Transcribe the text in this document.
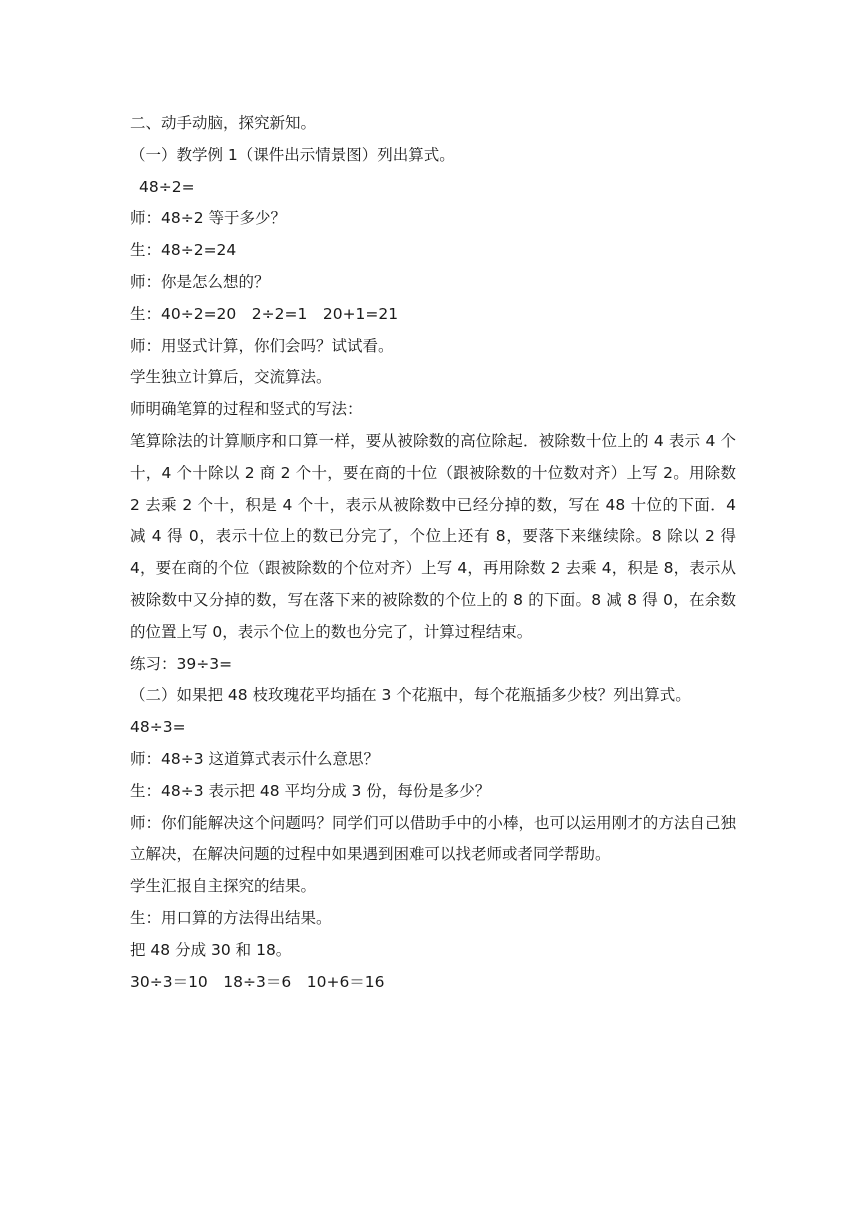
二、动手动脑，探究新知。
（一）教学例 1（课件出示情景图）列出算式。
48÷2=
师：48÷2 等于多少？
生：48÷2=24
师：你是怎么想的？
生：40÷2=20　2÷2=1　20+1=21
师：用竖式计算，你们会吗？试试看。
学生独立计算后，交流算法。
师明确笔算的过程和竖式的写法：
笔算除法的计算顺序和口算一样，要从被除数的高位除起．被除数十位上的 4 表示 4 个十，4 个十除以 2 商 2 个十，要在商的十位（跟被除数的十位数对齐）上写 2。用除数 2 去乘 2 个十，积是 4 个十，表示从被除数中已经分掉的数，写在 48 十位的下面．4 减 4 得 0，表示十位上的数已分完了，个位上还有 8，要落下来继续除。8 除以 2 得 4，要在商的个位（跟被除数的个位对齐）上写 4，再用除数 2 去乘 4，积是 8，表示从被除数中又分掉的数，写在落下来的被除数的个位上的 8 的下面。8 减 8 得 0，在余数的位置上写 0，表示个位上的数也分完了，计算过程结束。
练习：39÷3=
（二）如果把 48 枝玫瑰花平均插在 3 个花瓶中，每个花瓶插多少枝？列出算式。
48÷3=
师：48÷3 这道算式表示什么意思？
生：48÷3 表示把 48 平均分成 3 份，每份是多少？
师：你们能解决这个问题吗？同学们可以借助手中的小棒，也可以运用刚才的方法自己独立解决，在解决问题的过程中如果遇到困难可以找老师或者同学帮助。
学生汇报自主探究的结果。
生：用口算的方法得出结果。
把 48 分成 30 和 18。
30÷3＝10　18÷3＝6　10+6＝16
